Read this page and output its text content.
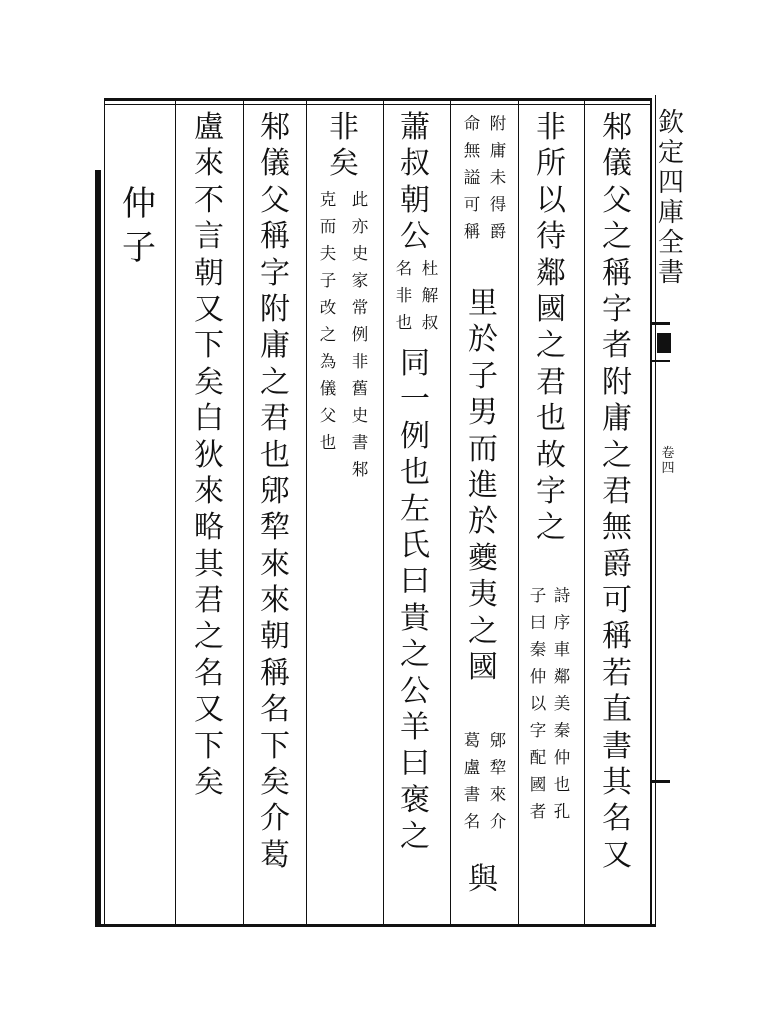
欽
定
四
庫
全
書
卷
四
仲
子
邾
儀
父
之
稱
字
者
附
庸
之
君
無
爵
可
稱
若
直
書
其
名
又
非
所
以
待
鄰
國
之
君
也
故
字
之
詩
序
車
鄰
美
秦
仲
也
孔
子
曰
秦
仲
以
字
配
國
者
附
庸
未
得
爵
命
無
謚
可
稱
里
於
子
男
而
進
於
夔
夷
之
國
郳
犂
來
介
葛
盧
書
名
與
蕭
叔
朝
公
杜
解
叔
名
非
也
同
一
例
也
左
氏
曰
貴
之
公
羊
曰
褒
之
非
矣
此
亦
史
家
常
例
非
舊
史
書
邾
克
而
夫
子
改
之
為
儀
父
也
邾
儀
父
稱
字
附
庸
之
君
也
郳
犂
來
來
朝
稱
名
下
矣
介
葛
盧
來
不
言
朝
又
下
矣
白
狄
來
略
其
君
之
名
又
下
矣
